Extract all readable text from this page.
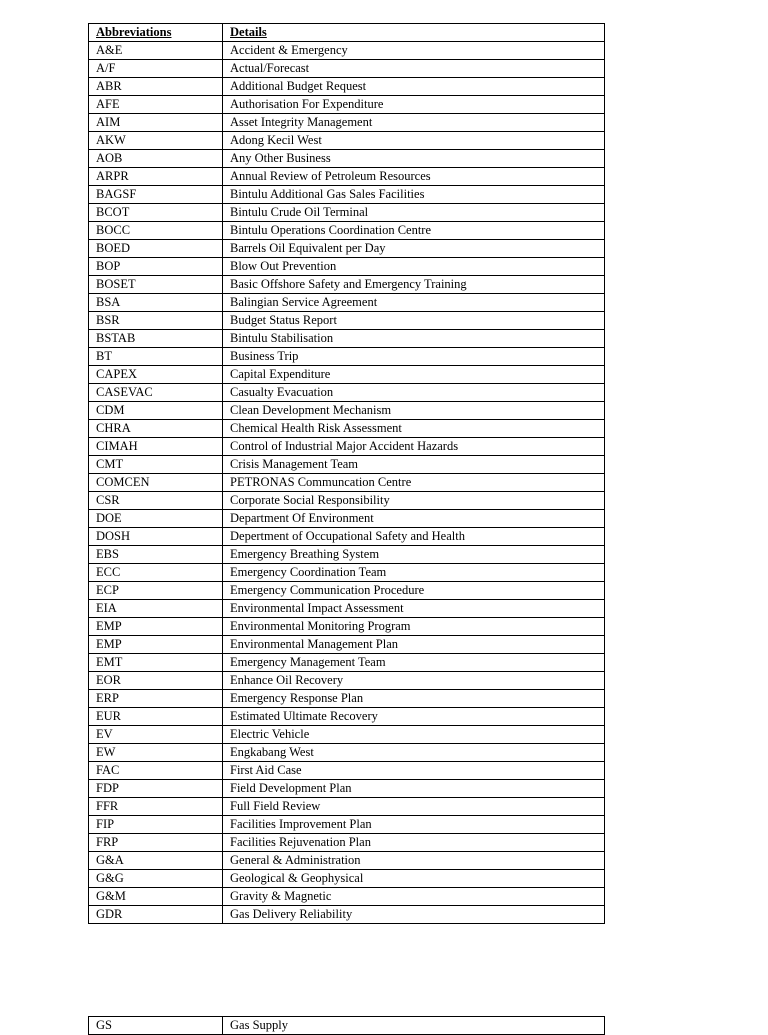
Abbreviations	Details
A&E	Accident & Emergency
A/F	Actual/Forecast
ABR	Additional Budget Request
AFE	Authorisation For Expenditure
AIM	Asset Integrity Management
AKW	Adong Kecil West
AOB	Any Other Business
ARPR	Annual Review of Petroleum Resources
BAGSF	Bintulu Additional Gas Sales Facilities
BCOT	Bintulu Crude Oil Terminal
BOCC	Bintulu Operations Coordination Centre
BOED	Barrels Oil Equivalent per Day
BOP	Blow Out Prevention
BOSET	Basic Offshore Safety and Emergency Training
BSA	Balingian Service Agreement
BSR	Budget Status Report
BSTAB	Bintulu Stabilisation
BT	Business Trip
CAPEX	Capital Expenditure
CASEVAC	Casualty Evacuation
CDM	Clean Development Mechanism
CHRA	Chemical Health Risk Assessment
CIMAH	Control of Industrial Major Accident Hazards
CMT	Crisis Management Team
COMCEN	PETRONAS Communcation Centre
CSR	Corporate Social Responsibility
DOE	Department Of Environment
DOSH	Depertment of Occupational Safety and Health
EBS	Emergency Breathing System
ECC	Emergency Coordination Team
ECP	Emergency Communication Procedure
EIA	Environmental Impact Assessment
EMP	Environmental Monitoring Program
EMP	Environmental Management Plan
EMT	Emergency Management Team
EOR	Enhance Oil Recovery
ERP	Emergency Response Plan
EUR	Estimated Ultimate Recovery
EV	Electric Vehicle
EW	Engkabang West
FAC	First Aid Case
FDP	Field Development Plan
FFR	Full Field Review
FIP	Facilities Improvement Plan
FRP	Facilities Rejuvenation Plan
G&A	General & Administration
G&G	Geological & Geophysical
G&M	Gravity & Magnetic
GDR	Gas Delivery Reliability
GS	Gas Supply
